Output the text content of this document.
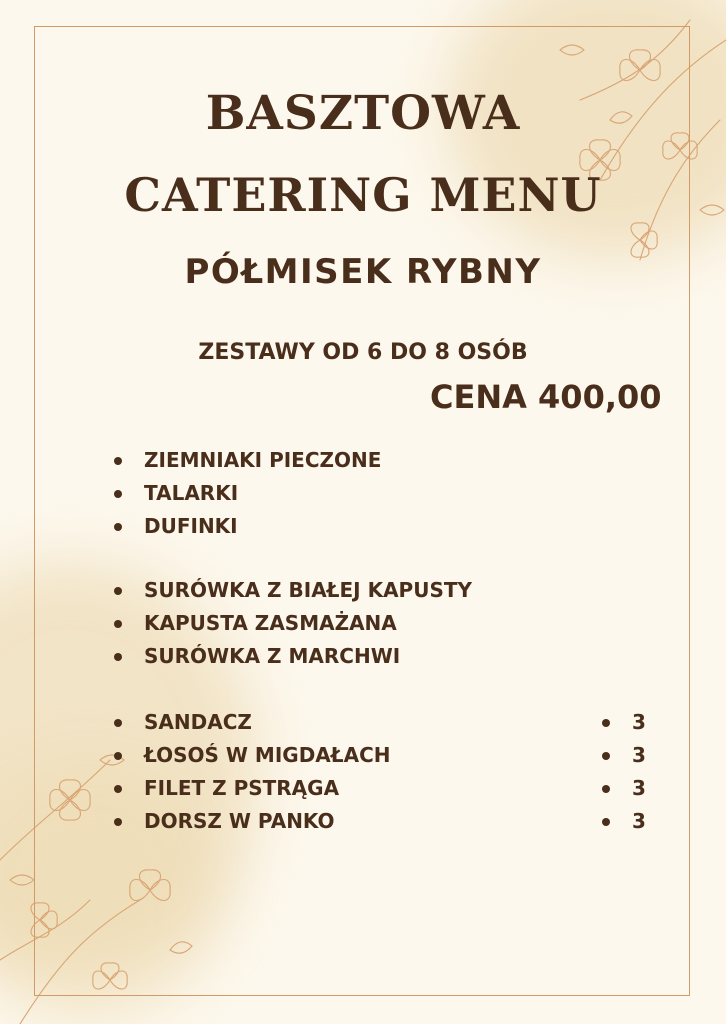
BASZTOWA
CATERING MENU
PÓŁMISEK RYBNY

ZESTAWY OD 6 DO 8 OSÓB

CENA 400,00

ZIEMNIAKI PIECZONE
TALARKI
DUFINKI
SURÓWKA Z BIAŁEJ KAPUSTY
KAPUSTA ZASMAŻANA
SURÓWKA Z MARCHWI
SANDACZ
ŁOSOŚ W MIGDAŁACH
FILET Z PSTRĄGA
DORSZ W PANKO
3
3
3
3
